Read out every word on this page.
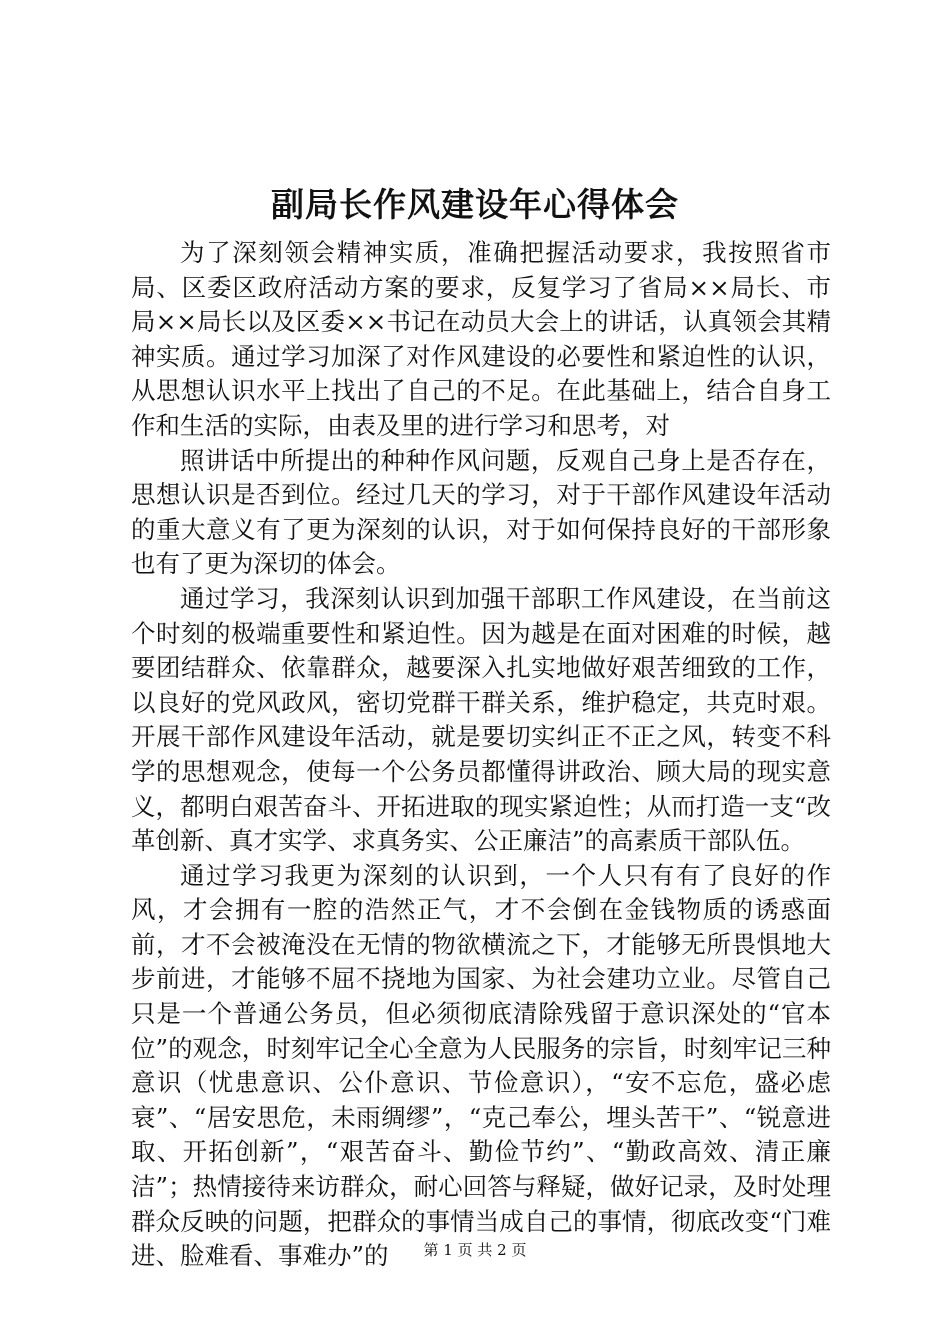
副局长作风建设年心得体会

为了深刻领会精神实质，准确把握活动要求，我按照省市局、区委区政府活动方案的要求，反复学习了省局××局长、市局××局长以及区委××书记在动员大会上的讲话，认真领会其精神实质。通过学习加深了对作风建设的必要性和紧迫性的认识，从思想认识水平上找出了自己的不足。在此基础上，结合自身工作和生活的实际，由表及里的进行学习和思考，对

照讲话中所提出的种种作风问题，反观自己身上是否存在，思想认识是否到位。经过几天的学习，对于干部作风建设年活动的重大意义有了更为深刻的认识，对于如何保持良好的干部形象也有了更为深切的体会。

通过学习，我深刻认识到加强干部职工作风建设，在当前这个时刻的极端重要性和紧迫性。因为越是在面对困难的时候，越要团结群众、依靠群众，越要深入扎实地做好艰苦细致的工作，以良好的党风政风，密切党群干群关系，维护稳定，共克时艰。开展干部作风建设年活动，就是要切实纠正不正之风，转变不科学的思想观念，使每一个公务员都懂得讲政治、顾大局的现实意义，都明白艰苦奋斗、开拓进取的现实紧迫性；从而打造一支“改革创新、真才实学、求真务实、公正廉洁”的高素质干部队伍。

通过学习我更为深刻的认识到，一个人只有有了良好的作风，才会拥有一腔的浩然正气，才不会倒在金钱物质的诱惑面前，才不会被淹没在无情的物欲横流之下，才能够无所畏惧地大步前进，才能够不屈不挠地为国家、为社会建功立业。尽管自己只是一个普通公务员，但必须彻底清除残留于意识深处的“官本位”的观念，时刻牢记全心全意为人民服务的宗旨，时刻牢记三种意识（忧患意识、公仆意识、节俭意识），“安不忘危，盛必虑衰”、“居安思危，未雨绸缪”，“克己奉公，埋头苦干”、“锐意进取、开拓创新”，“艰苦奋斗、勤俭节约”、“勤政高效、清正廉洁”；热情接待来访群众，耐心回答与释疑，做好记录，及时处理群众反映的问题，把群众的事情当成自己的事情，彻底改变“门难进、脸难看、事难办”的	第 1 页 共 2 页
